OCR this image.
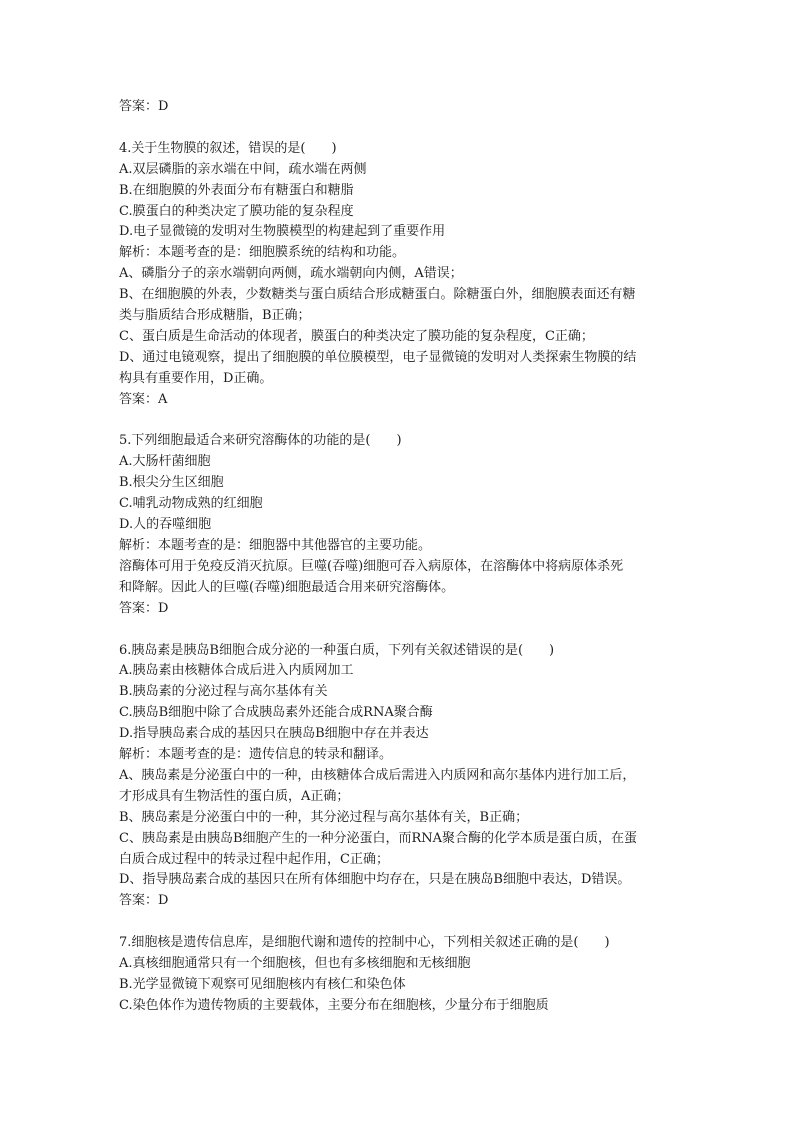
答案：D
4.关于生物膜的叙述，错误的是(　　)
A.双层磷脂的亲水端在中间，疏水端在两侧
B.在细胞膜的外表面分布有糖蛋白和糖脂
C.膜蛋白的种类决定了膜功能的复杂程度
D.电子显微镜的发明对生物膜模型的构建起到了重要作用
解析：本题考查的是：细胞膜系统的结构和功能。
A、磷脂分子的亲水端朝向两侧，疏水端朝向内侧，A错误；
B、在细胞膜的外表，少数糖类与蛋白质结合形成糖蛋白。除糖蛋白外，细胞膜表面还有糖
类与脂质结合形成糖脂，B正确；
C、蛋白质是生命活动的体现者，膜蛋白的种类决定了膜功能的复杂程度，C正确；
D、通过电镜观察，提出了细胞膜的单位膜模型，电子显微镜的发明对人类探索生物膜的结
构具有重要作用，D正确。
答案：A
5.下列细胞最适合来研究溶酶体的功能的是(　　)
A.大肠杆菌细胞
B.根尖分生区细胞
C.哺乳动物成熟的红细胞
D.人的吞噬细胞
解析：本题考查的是：细胞器中其他器官的主要功能。
溶酶体可用于免疫反消灭抗原。巨噬(吞噬)细胞可吞入病原体，在溶酶体中将病原体杀死
和降解。因此人的巨噬(吞噬)细胞最适合用来研究溶酶体。
答案：D
6.胰岛素是胰岛B细胞合成分泌的一种蛋白质，下列有关叙述错误的是(　　)
A.胰岛素由核糖体合成后进入内质网加工
B.胰岛素的分泌过程与高尔基体有关
C.胰岛B细胞中除了合成胰岛素外还能合成RNA聚合酶
D.指导胰岛素合成的基因只在胰岛B细胞中存在并表达
解析：本题考查的是：遗传信息的转录和翻译。
A、胰岛素是分泌蛋白中的一种，由核糖体合成后需进入内质网和高尔基体内进行加工后，
才形成具有生物活性的蛋白质，A正确；
B、胰岛素是分泌蛋白中的一种，其分泌过程与高尔基体有关，B正确；
C、胰岛素是由胰岛B细胞产生的一种分泌蛋白，而RNA聚合酶的化学本质是蛋白质，在蛋
白质合成过程中的转录过程中起作用，C正确；
D、指导胰岛素合成的基因只在所有体细胞中均存在，只是在胰岛B细胞中表达，D错误。
答案：D
7.细胞核是遗传信息库，是细胞代谢和遗传的控制中心，下列相关叙述正确的是(　　)
A.真核细胞通常只有一个细胞核，但也有多核细胞和无核细胞
B.光学显微镜下观察可见细胞核内有核仁和染色体
C.染色体作为遗传物质的主要载体，主要分布在细胞核，少量分布于细胞质
